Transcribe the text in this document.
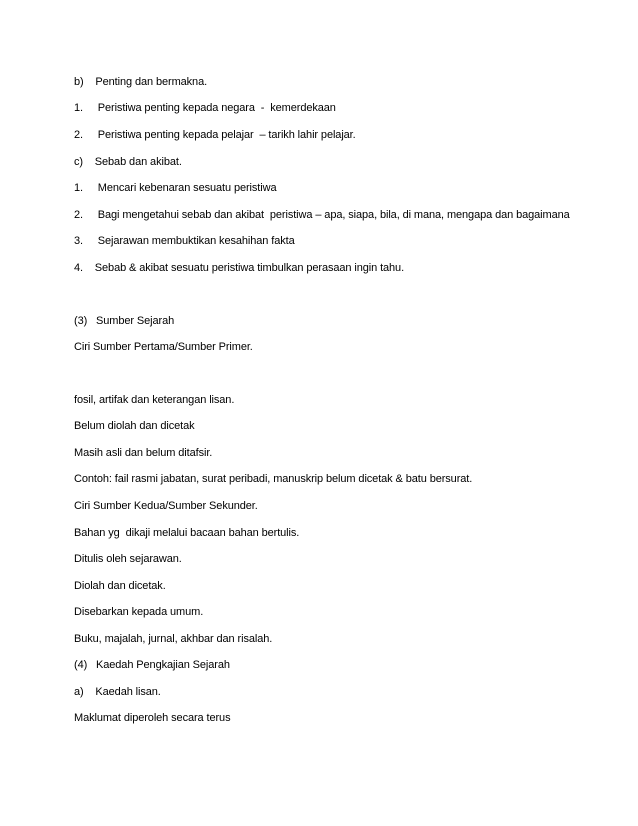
b)    Penting dan bermakna.
1.     Peristiwa penting kepada negara  -  kemerdekaan
2.     Peristiwa penting kepada pelajar  – tarikh lahir pelajar.
c)    Sebab dan akibat.
1.     Mencari kebenaran sesuatu peristiwa
2.     Bagi mengetahui sebab dan akibat  peristiwa – apa, siapa, bila, di mana, mengapa dan bagaimana
3.     Sejarawan membuktikan kesahihan fakta
4.    Sebab & akibat sesuatu peristiwa timbulkan perasaan ingin tahu.
(3)   Sumber Sejarah
Ciri Sumber Pertama/Sumber Primer.
fosil, artifak dan keterangan lisan.
Belum diolah dan dicetak
Masih asli dan belum ditafsir.
Contoh: fail rasmi jabatan, surat peribadi, manuskrip belum dicetak & batu bersurat.
Ciri Sumber Kedua/Sumber Sekunder.
Bahan yg  dikaji melalui bacaan bahan bertulis.
Ditulis oleh sejarawan.
Diolah dan dicetak.
Disebarkan kepada umum.
Buku, majalah, jurnal, akhbar dan risalah.
(4)   Kaedah Pengkajian Sejarah
a)    Kaedah lisan.
Maklumat diperoleh secara terus
